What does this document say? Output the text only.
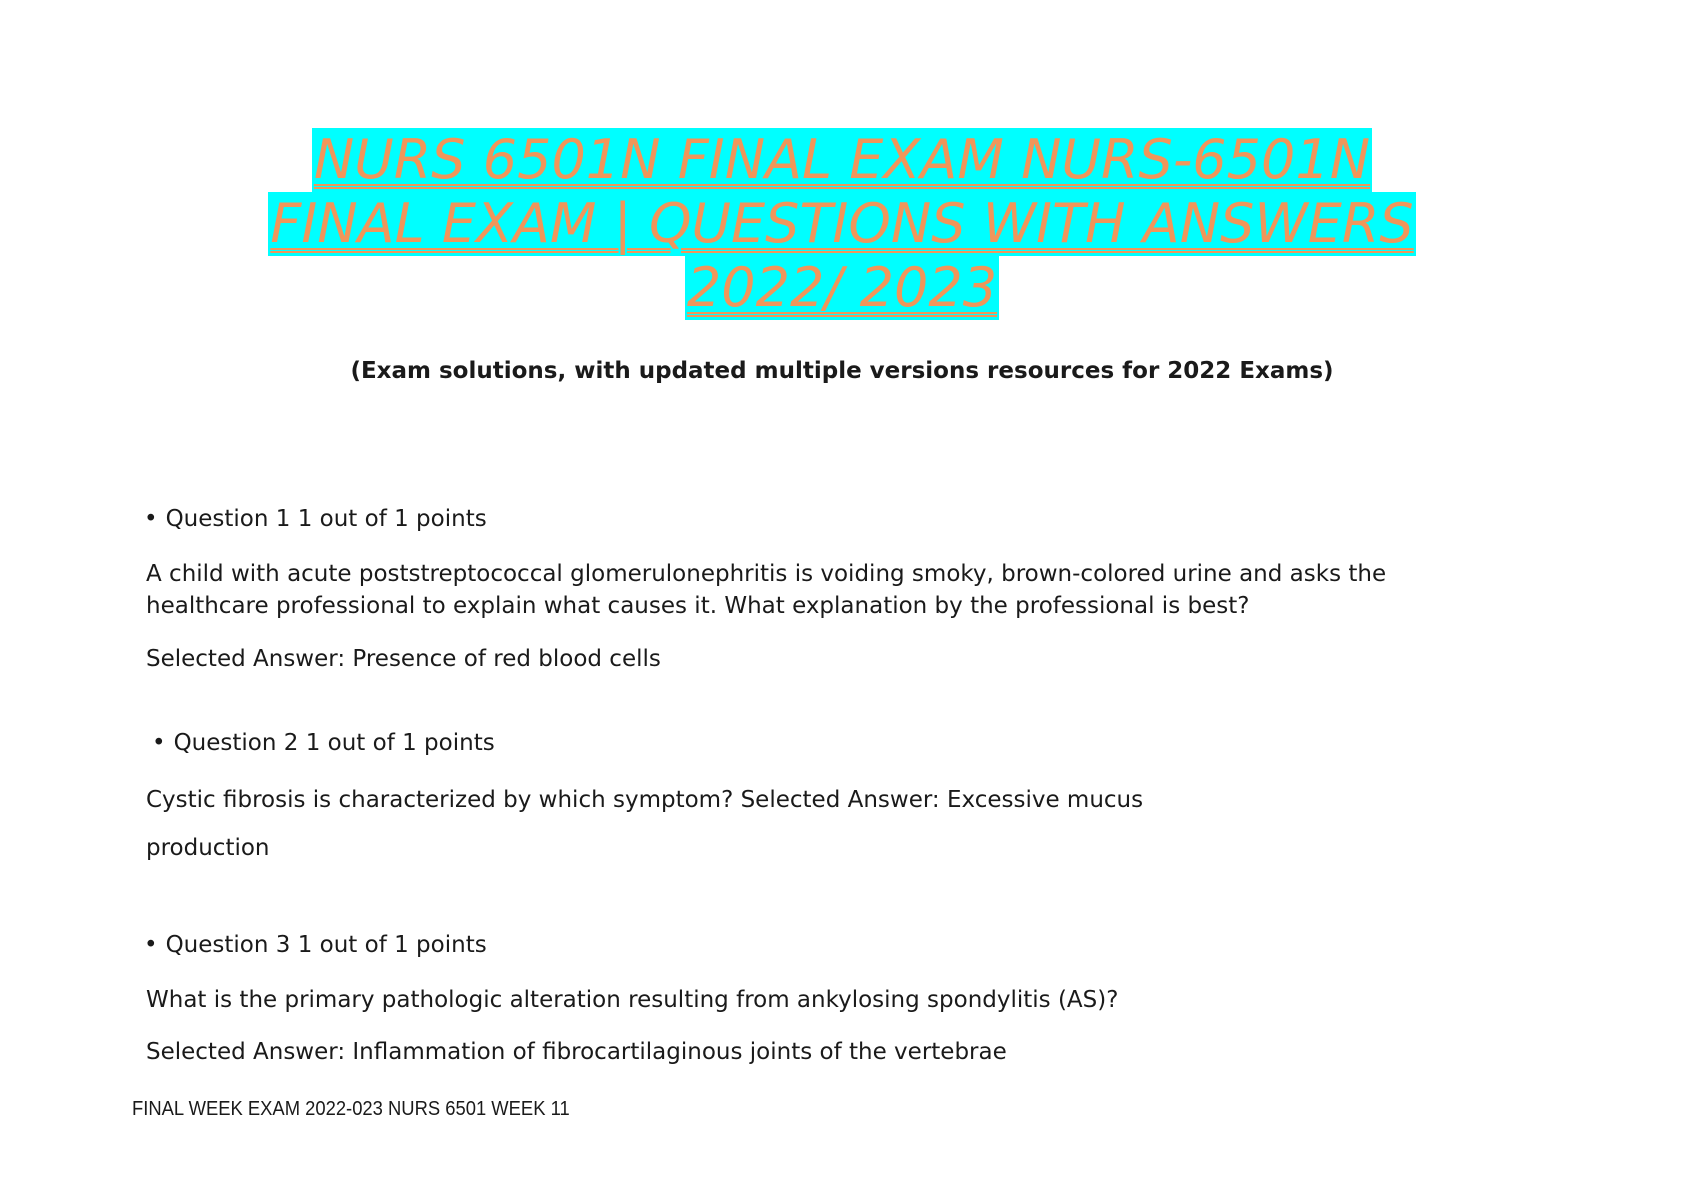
NURS 6501N FINAL EXAM NURS-6501N
FINAL EXAM | QUESTIONS WITH ANSWERS
2022/ 2023
(Exam solutions, with updated multiple versions resources for 2022 Exams)
• Question 1 1 out of 1 points
A child with acute poststreptococcal glomerulonephritis is voiding smoky, brown-colored urine and asks the
healthcare professional to explain what causes it. What explanation by the professional is best?
Selected Answer: Presence of red blood cells
• Question 2 1 out of 1 points
Cystic fibrosis is characterized by which symptom? Selected Answer: Excessive mucus
production
• Question 3 1 out of 1 points
What is the primary pathologic alteration resulting from ankylosing spondylitis (AS)?
Selected Answer: Inflammation of fibrocartilaginous joints of the vertebrae
FINAL WEEK EXAM 2022-023 NURS 6501 WEEK 11
